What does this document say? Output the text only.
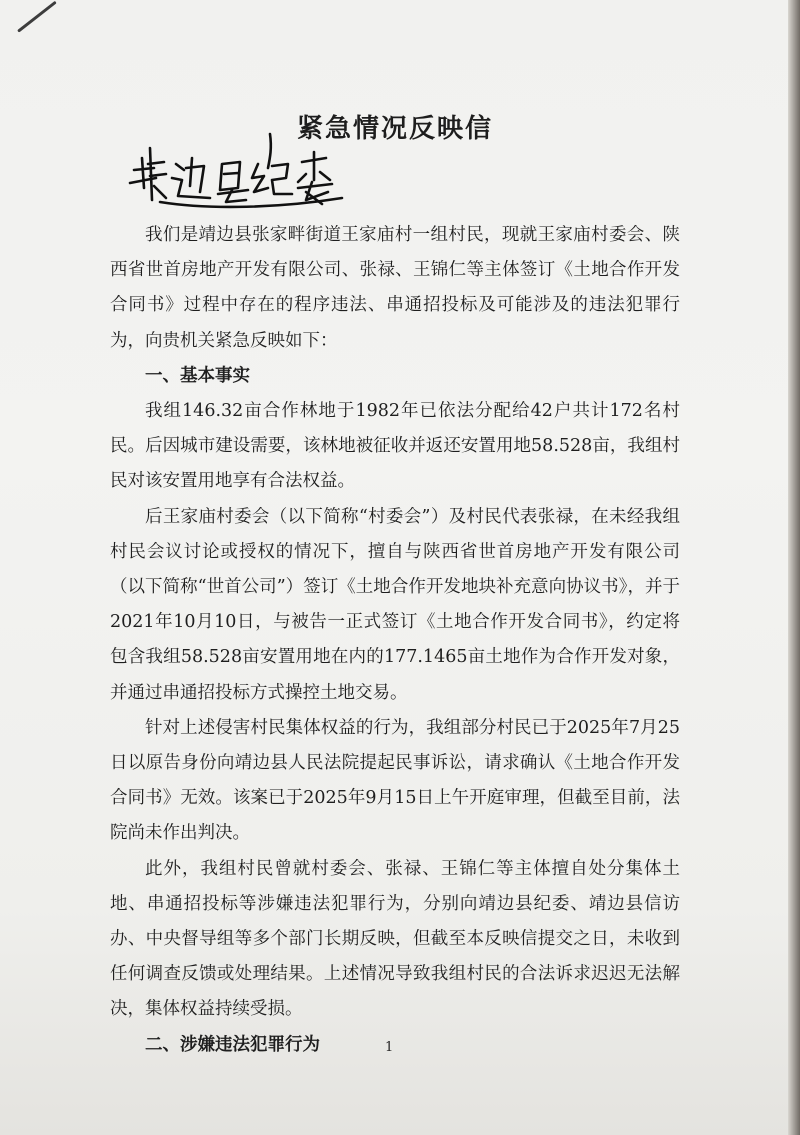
紧急情况反映信

我们是靖边县张家畔街道王家庙村一组村民，现就王家庙村委会、陕西省世首房地产开发有限公司、张禄、王锦仁等主体签订《土地合作开发合同书》过程中存在的程序违法、串通招投标及可能涉及的违法犯罪行为，向贵机关紧急反映如下：

一、基本事实

我组146.32亩合作林地于1982年已依法分配给42户共计172名村民。后因城市建设需要，该林地被征收并返还安置用地58.528亩，我组村民对该安置用地享有合法权益。

后王家庙村委会（以下简称“村委会”）及村民代表张禄，在未经我组村民会议讨论或授权的情况下，擅自与陕西省世首房地产开发有限公司（以下简称“世首公司”）签订《土地合作开发地块补充意向协议书》，并于2021年10月10日，与被告一正式签订《土地合作开发合同书》，约定将包含我组58.528亩安置用地在内的177.1465亩土地作为合作开发对象，并通过串通招投标方式操控土地交易。

针对上述侵害村民集体权益的行为，我组部分村民已于2025年7月25日以原告身份向靖边县人民法院提起民事诉讼，请求确认《土地合作开发合同书》无效。该案已于2025年9月15日上午开庭审理，但截至目前，法院尚未作出判决。

此外，我组村民曾就村委会、张禄、王锦仁等主体擅自处分集体土地、串通招投标等涉嫌违法犯罪行为，分别向靖边县纪委、靖边县信访办、中央督导组等多个部门长期反映，但截至本反映信提交之日，未收到任何调查反馈或处理结果。上述情况导致我组村民的合法诉求迟迟无法解决，集体权益持续受损。

二、涉嫌违法犯罪行为	1
